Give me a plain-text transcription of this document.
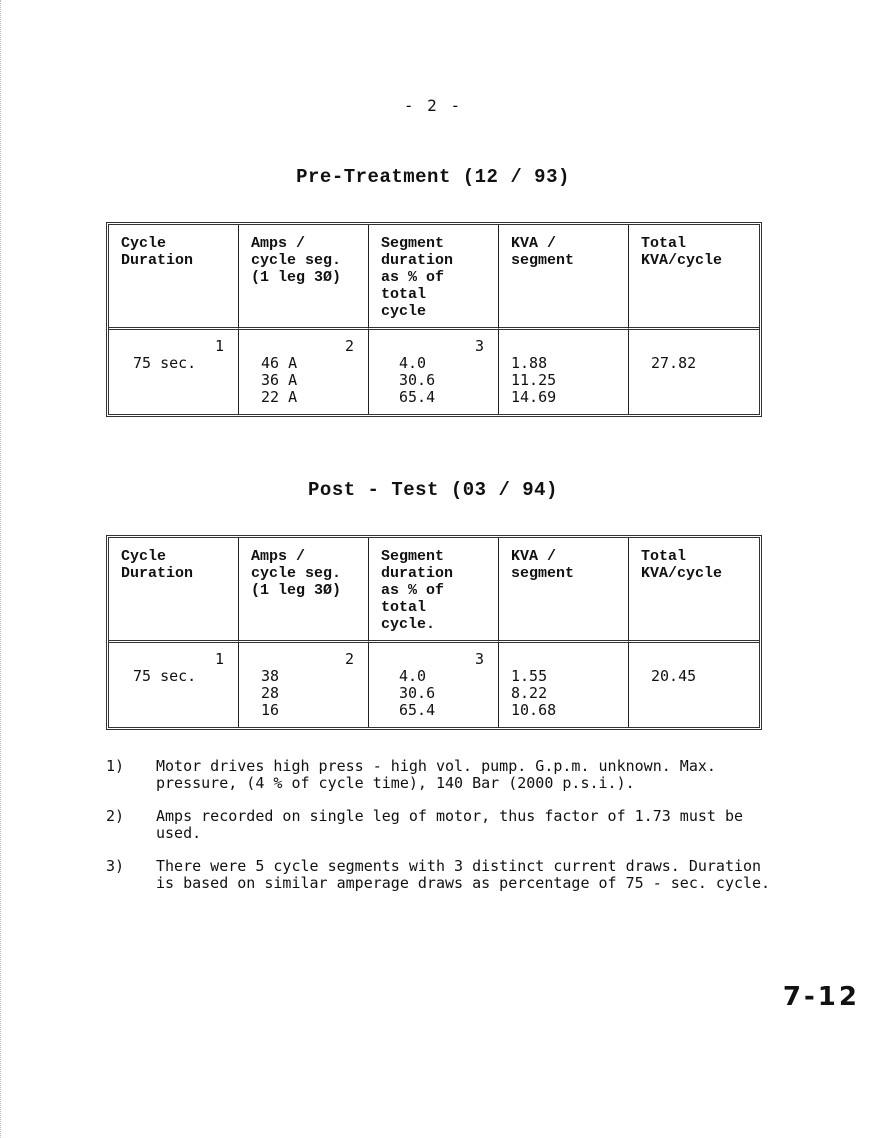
- 2 -
Pre-Treatment (12 / 93)
Cycle
Duration	Amps /
cycle seg.
(1 leg 3Ø)	Segment
duration
as % of
total
cycle	KVA /
segment	Total
KVA/cycle

1
75 sec.	2
46 A
36 A
22 A	3
4.0
30.6
65.4	1.88
11.25
14.69	27.82
Post - Test (03 / 94)
Cycle
Duration	Amps /
cycle seg.
(1 leg 3Ø)	Segment
duration
as % of
total
cycle.	KVA /
segment	Total
KVA/cycle

1
75 sec.	2
38
28
16	3
4.0
30.6
65.4	1.55
8.22
10.68	20.45
1)	Motor drives high press - high vol. pump. G.p.m. unknown. Max. pressure, (4 % of cycle time), 140 Bar (2000 p.s.i.).
2)	Amps recorded on single leg of motor, thus factor of 1.73 must be used.
3)	There were 5 cycle segments with 3 distinct current draws. Duration is based on similar amperage draws as percentage of 75 - sec. cycle.
7-12
